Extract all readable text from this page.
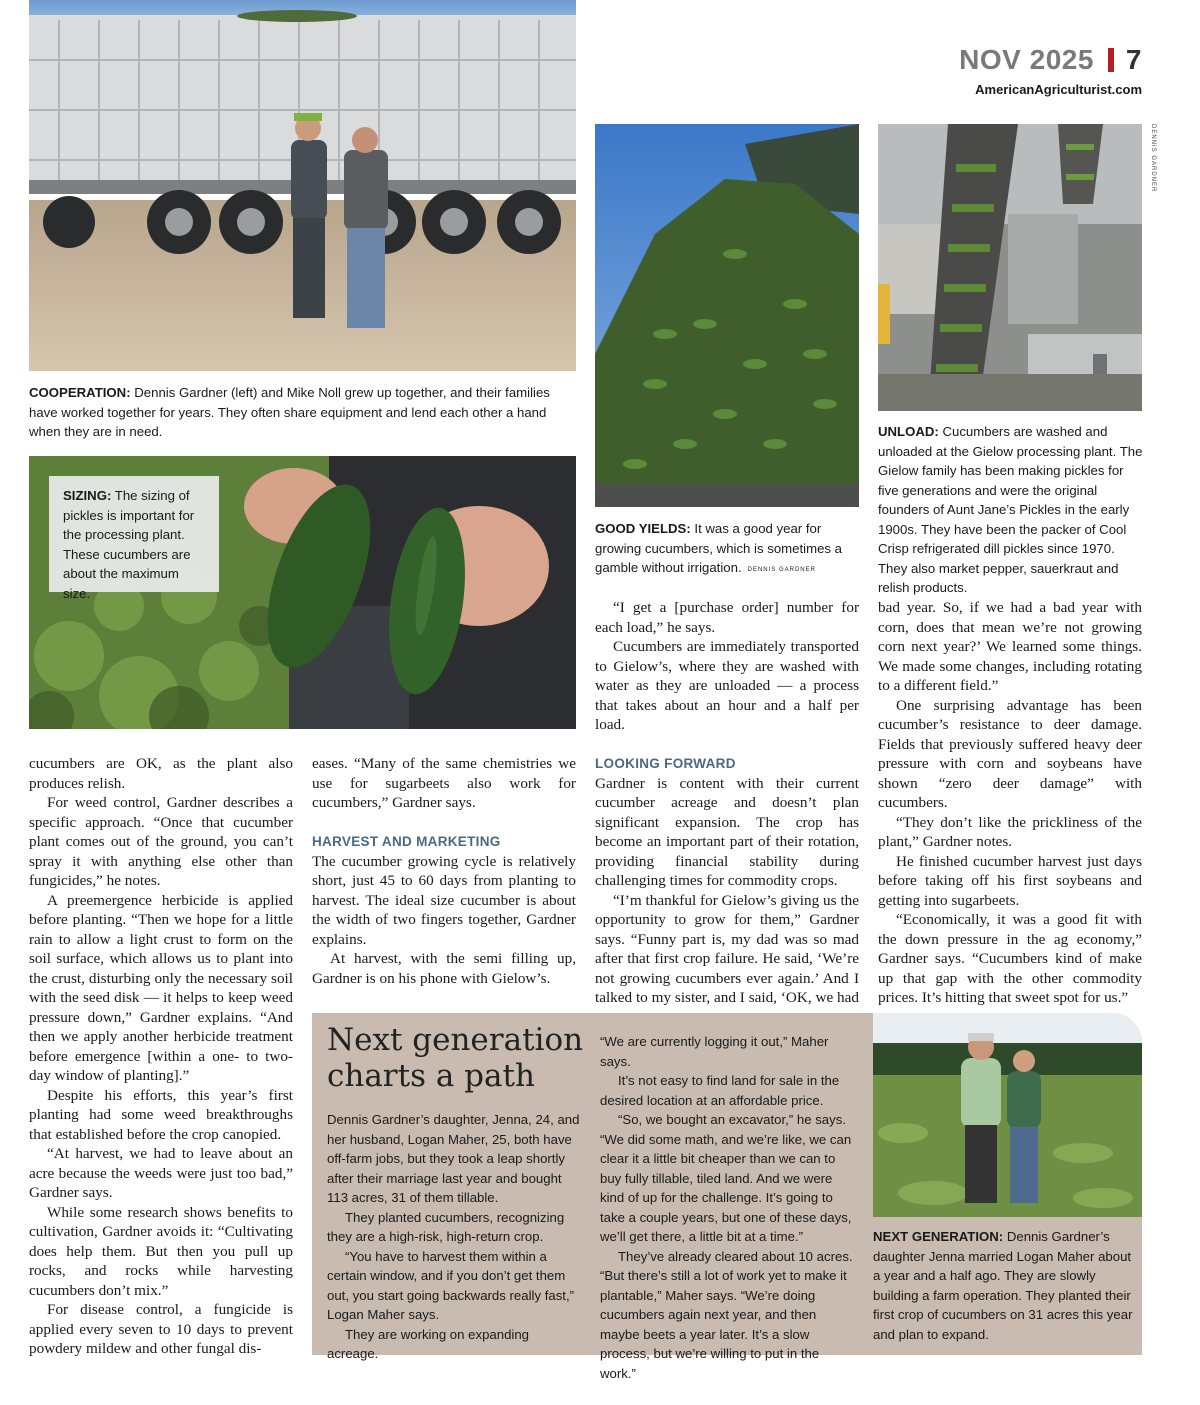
NOV 2025 7
AmericanAgriculturist.com
COOPERATION: Dennis Gardner (left) and Mike Noll grew up together, and their families have worked together for years. They often share equipment and lend each other a hand when they are in need.
SIZING: The sizing of pickles is important for the processing plant. These cucumbers are about the maximum size.
GOOD YIELDS: It was a good year for growing cucumbers, which is sometimes a gamble without irrigation. DENNIS GARDNER
DENNIS GARDNER
UNLOAD: Cucumbers are washed and unloaded at the Gielow processing plant. The Gielow family has been making pickles for five generations and were the original founders of Aunt Jane’s Pickles in the early 1900s. They have been the packer of Cool Crisp refrigerated dill pickles since 1970. They also market pepper, sauerkraut and relish products.

cucumbers are OK, as the plant also produces relish.

For weed control, Gardner describes a specific approach. “Once that cucumber plant comes out of the ground, you can’t spray it with anything else other than fungicides,” he notes.

A preemergence herbicide is applied before planting. “Then we hope for a little rain to allow a light crust to form on the soil surface, which allows us to plant into the crust, disturbing only the necessary soil with the seed disk — it helps to keep weed pressure down,” Gardner explains. “And then we apply another herbicide treatment before emergence [within a one- to two-day window of planting].”

Despite his efforts, this year’s first planting had some weed breakthroughs that established before the crop canopied.

“At harvest, we had to leave about an acre because the weeds were just too bad,” Gardner says.

While some research shows benefits to cultivation, Gardner avoids it: “Cultivating does help them. But then you pull up rocks, and rocks while harvesting cucumbers don’t mix.”

For disease control, a fungicide is applied every seven to 10 days to prevent powdery mildew and other fungal dis-

eases. “Many of the same chemistries we use for sugarbeets also work for cucumbers,” Gardner says.

HARVEST AND MARKETING

The cucumber growing cycle is relatively short, just 45 to 60 days from planting to harvest. The ideal size cucumber is about the width of two fingers together, Gardner explains.

At harvest, with the semi filling up, Gardner is on his phone with Gielow’s.

“I get a [purchase order] number for each load,” he says.

Cucumbers are immediately transported to Gielow’s, where they are washed with water as they are unloaded — a process that takes about an hour and a half per load.

LOOKING FORWARD

Gardner is content with their current cucumber acreage and doesn’t plan significant expansion. The crop has become an important part of their rotation, providing financial stability during challenging times for commodity crops.

“I’m thankful for Gielow’s giving us the opportunity to grow for them,” Gardner says. “Funny part is, my dad was so mad after that first crop failure. He said, ‘We’re not growing cucumbers ever again.’ And I talked to my sister, and I said, ‘OK, we had

bad year. So, if we had a bad year with corn, does that mean we’re not growing corn next year?’ We learned some things. We made some changes, including rotating to a different field.”

One surprising advantage has been cucumber’s resistance to deer damage. Fields that previously suffered heavy deer pressure with corn and soybeans have shown “zero deer damage” with cucumbers.

“They don’t like the prickliness of the plant,” Gardner notes.

He finished cucumber harvest just days before taking off his first soybeans and getting into sugarbeets.

“Economically, it was a good fit with the down pressure in the ag economy,” Gardner says. “Cucumbers kind of make up that gap with the other commodity prices. It’s hitting that sweet spot for us.”

Next generation charts a path

Dennis Gardner’s daughter, Jenna, 24, and her husband, Logan Maher, 25, both have off-farm jobs, but they took a leap shortly after their marriage last year and bought 113 acres, 31 of them tillable.

They planted cucumbers, recognizing they are a high-risk, high-return crop.

“You have to harvest them within a certain window, and if you don’t get them out, you start going backwards really fast,” Logan Maher says.

They are working on expanding acreage.

“We are currently logging it out,” Maher says.

It’s not easy to find land for sale in the desired location at an affordable price.

“So, we bought an excavator,” he says. “We did some math, and we’re like, we can clear it a little bit cheaper than we can to buy fully tillable, tiled land. And we were kind of up for the challenge. It’s going to take a couple years, but one of these days, we’ll get there, a little bit at a time.”

They’ve already cleared about 10 acres. “But there’s still a lot of work yet to make it plantable,” Maher says. “We’re doing cucumbers again next year, and then maybe beets a year later. It’s a slow process, but we’re willing to put in the work.”

NEXT GENERATION: Dennis Gardner’s daughter Jenna married Logan Maher about a year and a half ago. They are slowly building a farm operation. They planted their first crop of cucumbers on 31 acres this year and plan to expand.
